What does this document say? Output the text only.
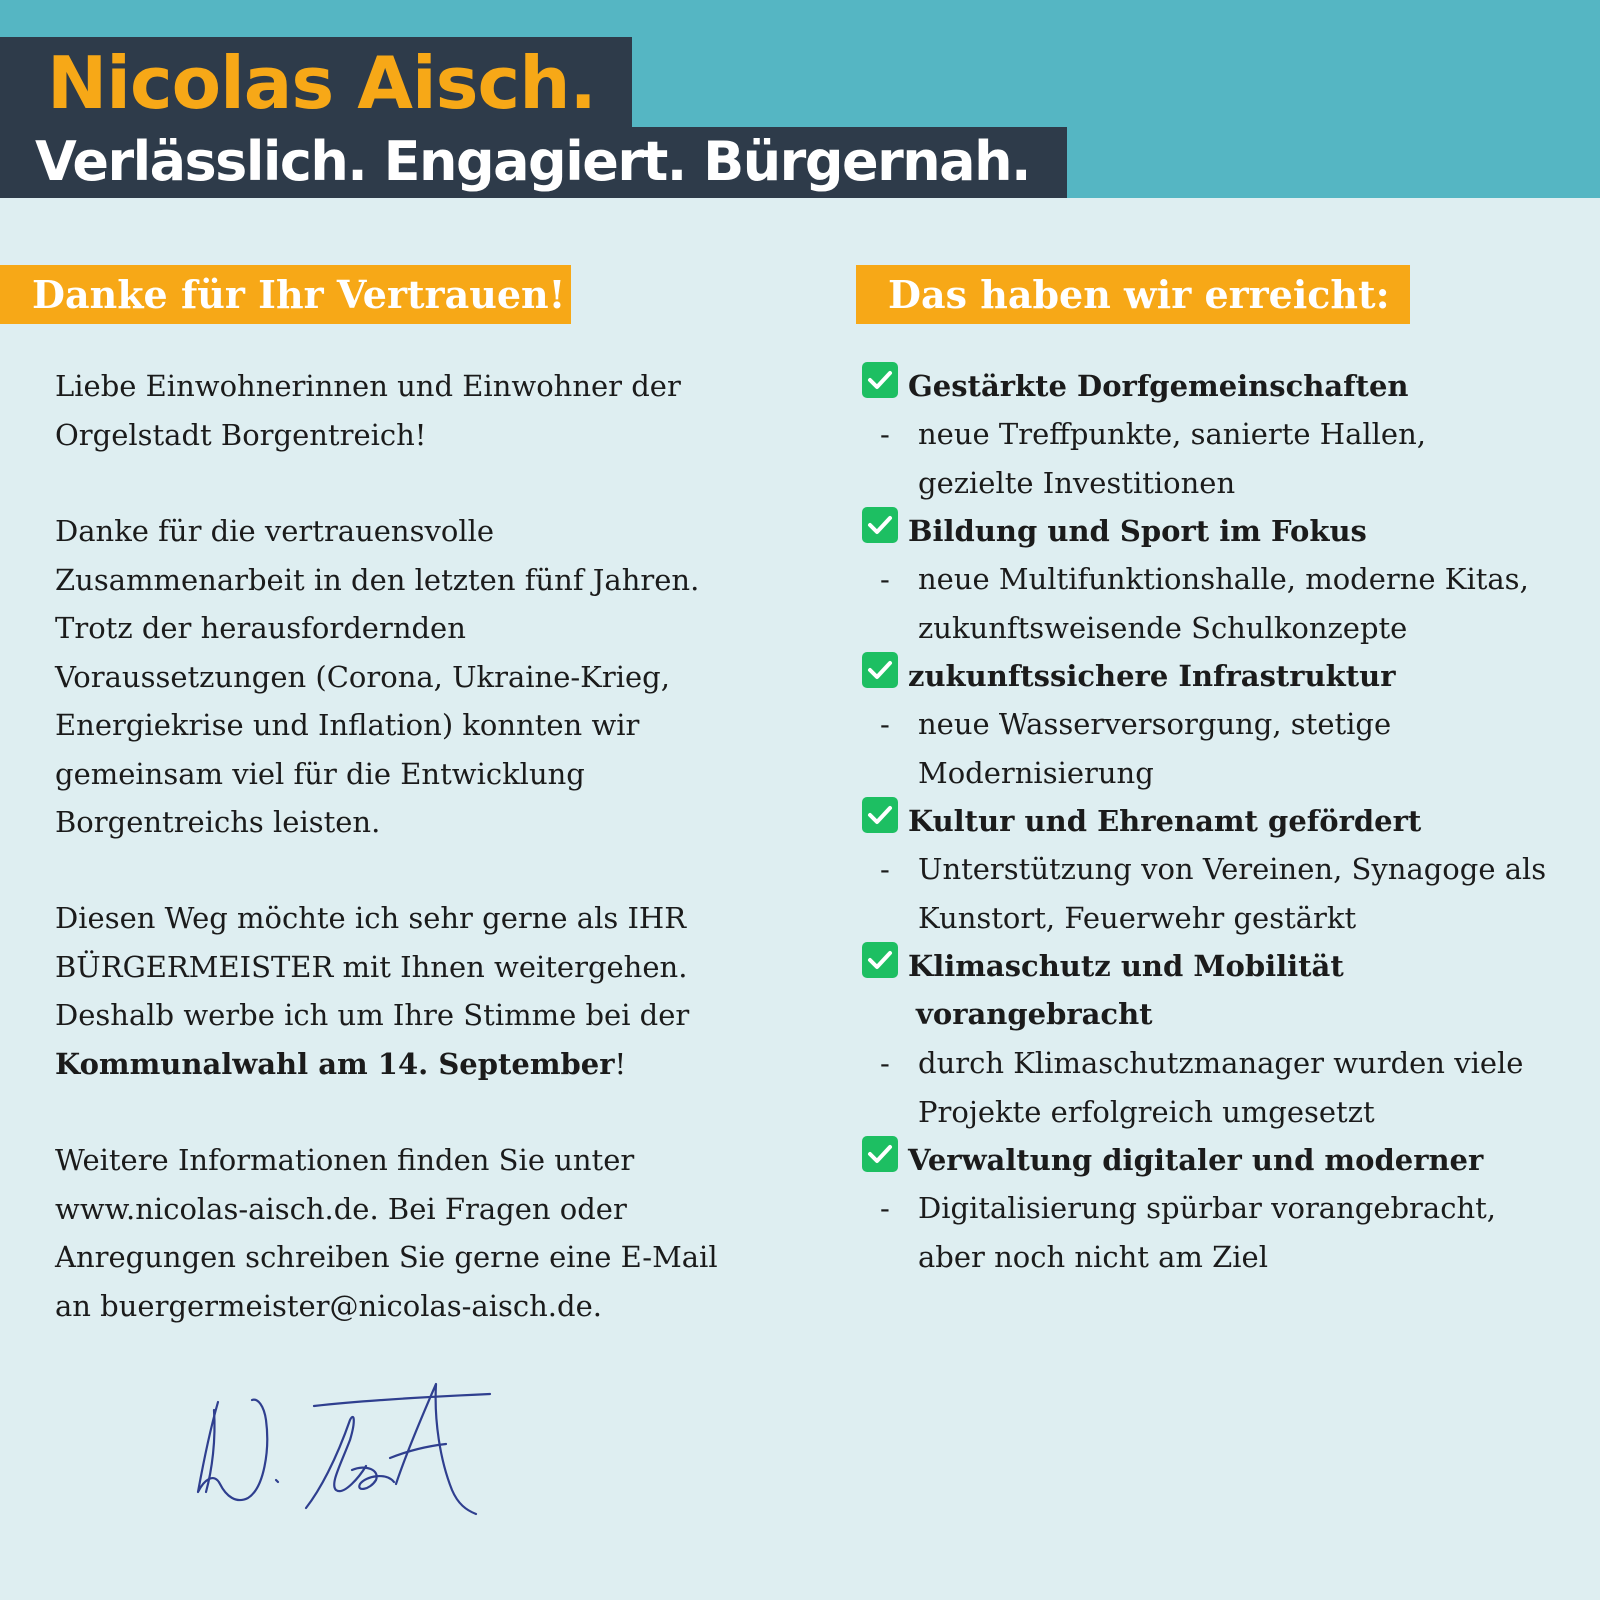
Nicolas Aisch.
Verlässlich. Engagiert. Bürgernah.
Danke für Ihr Vertrauen!	Das haben wir erreicht:
Liebe Einwohnerinnen und Einwohner der
Orgelstadt Borgentreich!
Danke für die vertrauensvolle
Zusammenarbeit in den letzten fünf Jahren.
Trotz der herausfordernden
Voraussetzungen (Corona, Ukraine-Krieg,
Energiekrise und Inflation) konnten wir
gemeinsam viel für die Entwicklung
Borgentreichs leisten.
Diesen Weg möchte ich sehr gerne als IHR
BÜRGERMEISTER mit Ihnen weitergehen.
Deshalb werbe ich um Ihre Stimme bei der
Kommunalwahl am 14. September!
Weitere Informationen finden Sie unter
www.nicolas-aisch.de. Bei Fragen oder
Anregungen schreiben Sie gerne eine E-Mail
an buergermeister@nicolas-aisch.de.
Gestärkte Dorfgemeinschaften
- neue Treffpunkte, sanierte Hallen,
gezielte Investitionen
Bildung und Sport im Fokus
- neue Multifunktionshalle, moderne Kitas,
zukunftsweisende Schulkonzepte
zukunftssichere Infrastruktur
- neue Wasserversorgung, stetige
Modernisierung
Kultur und Ehrenamt gefördert
- Unterstützung von Vereinen, Synagoge als
Kunstort, Feuerwehr gestärkt
Klimaschutz und Mobilität
vorangebracht
- durch Klimaschutzmanager wurden viele
Projekte erfolgreich umgesetzt
Verwaltung digitaler und moderner
- Digitalisierung spürbar vorangebracht,
aber noch nicht am Ziel
